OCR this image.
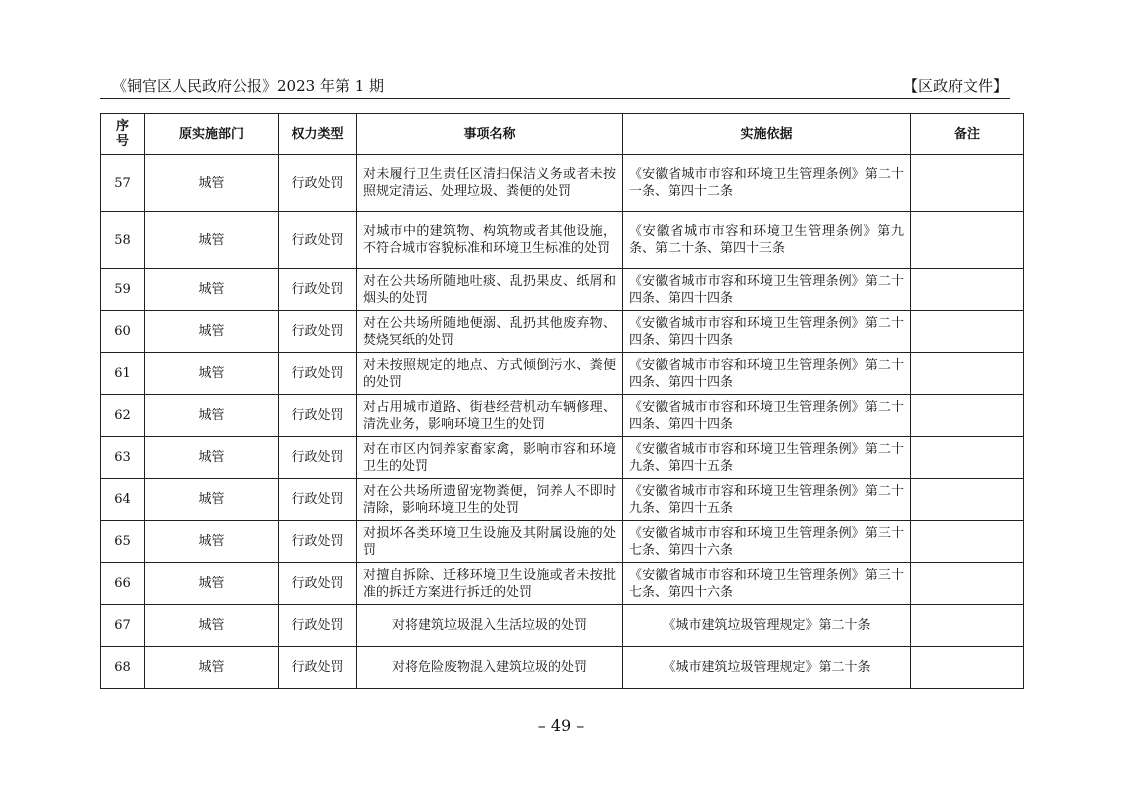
《铜官区人民政府公报》2023 年第 1 期	【区政府文件】
序号	原实施部门	权力类型	事项名称	实施依据	备注
57	城管	行政处罚	对未履行卫生责任区清扫保洁义务或者未按照规定清运、处理垃圾、粪便的处罚	《安徽省城市市容和环境卫生管理条例》第二十一条、第四十二条	
58	城管	行政处罚	对城市中的建筑物、构筑物或者其他设施，不符合城市容貌标准和环境卫生标准的处罚	《安徽省城市市容和环境卫生管理条例》第九条、第二十条、第四十三条	
59	城管	行政处罚	对在公共场所随地吐痰、乱扔果皮、纸屑和烟头的处罚	《安徽省城市市容和环境卫生管理条例》第二十四条、第四十四条	
60	城管	行政处罚	对在公共场所随地便溺、乱扔其他废弃物、焚烧冥纸的处罚	《安徽省城市市容和环境卫生管理条例》第二十四条、第四十四条	
61	城管	行政处罚	对未按照规定的地点、方式倾倒污水、粪便的处罚	《安徽省城市市容和环境卫生管理条例》第二十四条、第四十四条	
62	城管	行政处罚	对占用城市道路、街巷经营机动车辆修理、清洗业务，影响环境卫生的处罚	《安徽省城市市容和环境卫生管理条例》第二十四条、第四十四条	
63	城管	行政处罚	对在市区内饲养家畜家禽，影响市容和环境卫生的处罚	《安徽省城市市容和环境卫生管理条例》第二十九条、第四十五条	
64	城管	行政处罚	对在公共场所遗留宠物粪便，饲养人不即时清除，影响环境卫生的处罚	《安徽省城市市容和环境卫生管理条例》第二十九条、第四十五条	
65	城管	行政处罚	对损坏各类环境卫生设施及其附属设施的处罚	《安徽省城市市容和环境卫生管理条例》第三十七条、第四十六条	
66	城管	行政处罚	对擅自拆除、迁移环境卫生设施或者未按批准的拆迁方案进行拆迁的处罚	《安徽省城市市容和环境卫生管理条例》第三十七条、第四十六条	
67	城管	行政处罚	对将建筑垃圾混入生活垃圾的处罚	《城市建筑垃圾管理规定》第二十条	
68	城管	行政处罚	对将危险废物混入建筑垃圾的处罚	《城市建筑垃圾管理规定》第二十条	
– 49 –
